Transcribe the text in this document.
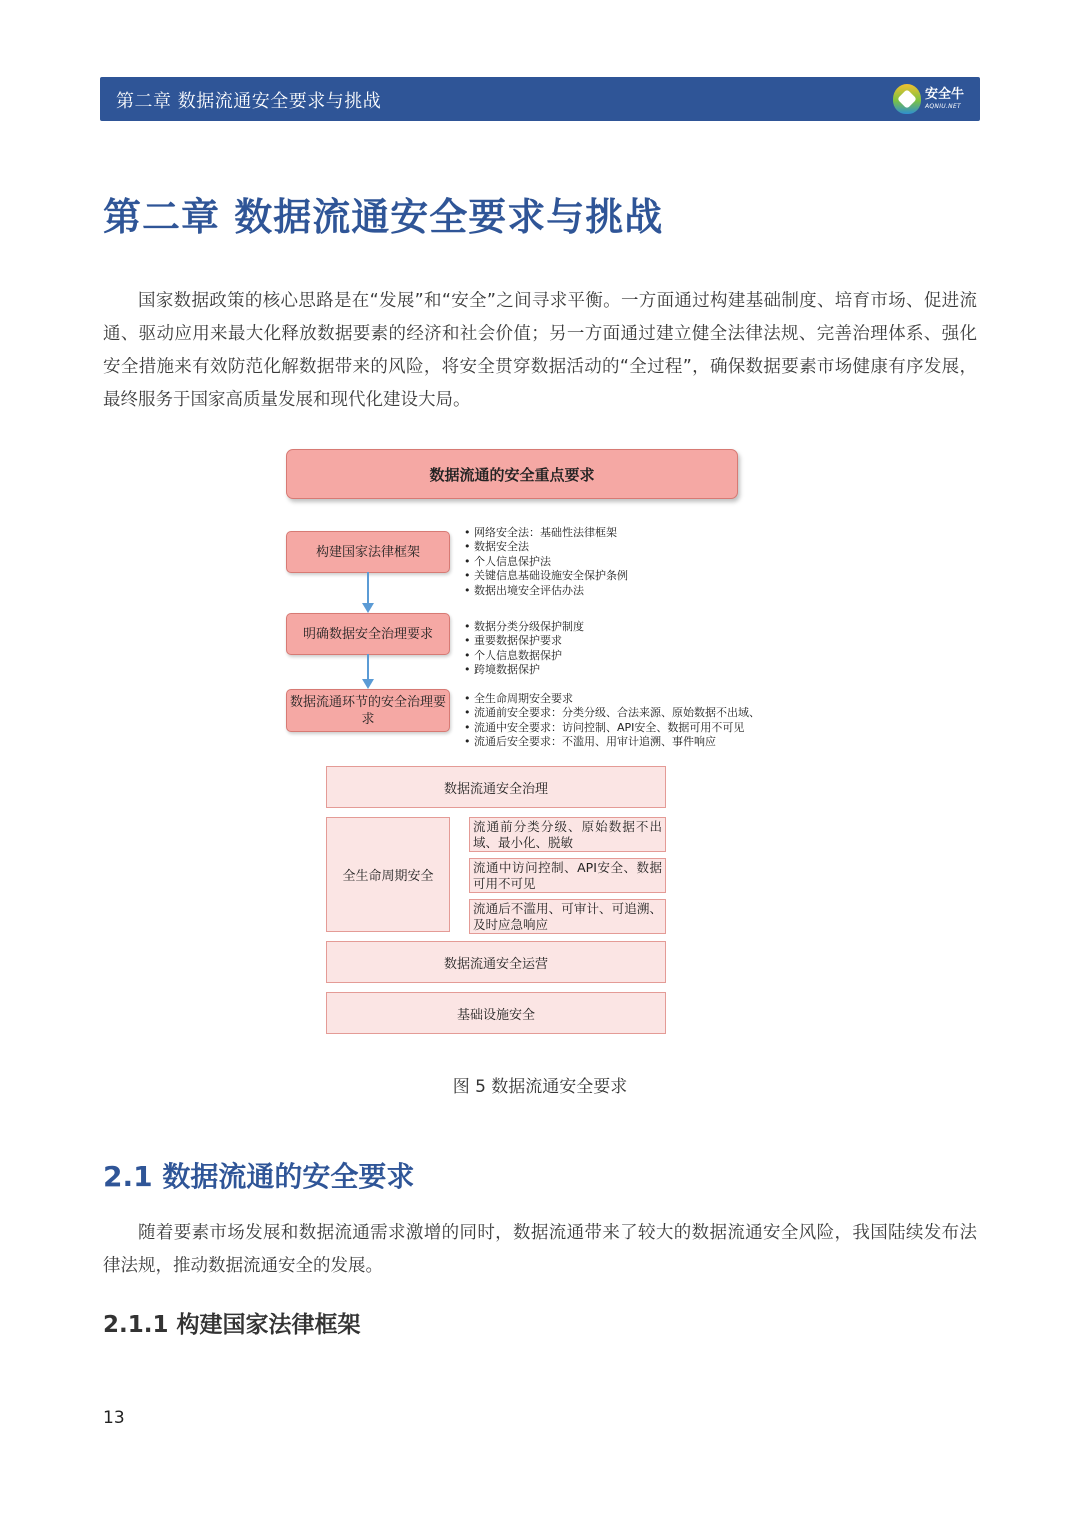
第二章 数据流通安全要求与挑战	安全牛
AQNIU.NET
第二章 数据流通安全要求与挑战

国家数据政策的核心思路是在“发展”和“安全”之间寻求平衡。一方面通过构建基础制度、培育市场、促进流通、驱动应用来最大化释放数据要素的经济和社会价值；另一方面通过建立健全法律法规、完善治理体系、强化安全措施来有效防范化解数据带来的风险，将安全贯穿数据活动的“全过程”，确保数据要素市场健康有序发展，最终服务于国家高质量发展和现代化建设大局。

数据流通的安全重点要求
构建国家法律框架
• 网络安全法：基础性法律框架
• 数据安全法
• 个人信息保护法
• 关键信息基础设施安全保护条例
• 数据出境安全评估办法
明确数据安全治理要求
•	数据分类分级保护制度
• 重要数据保护要求
• 个人信息数据保护
• 跨境数据保护
数据流通环节的安全治理要求
• 全生命周期安全要求
• 流通前安全要求：分类分级、合法来源、原始数据不出域、
• 流通中安全要求：访问控制、API安全、数据可用不可见
• 流通后安全要求：不滥用、用审计追溯、事件响应
数据流通安全治理
全生命周期安全
流通前分类分级、原始数据不出域、最小化、脱敏
流通中访问控制、API安全、数据可用不可见
流通后不滥用、可审计、可追溯、及时应急响应
数据流通安全运营
基础设施安全
图 5 数据流通安全要求
2.1 数据流通的安全要求

随着要素市场发展和数据流通需求激增的同时，数据流通带来了较大的数据流通安全风险，我国陆续发布法律法规，推动数据流通安全的发展。

2.1.1 构建国家法律框架
13
